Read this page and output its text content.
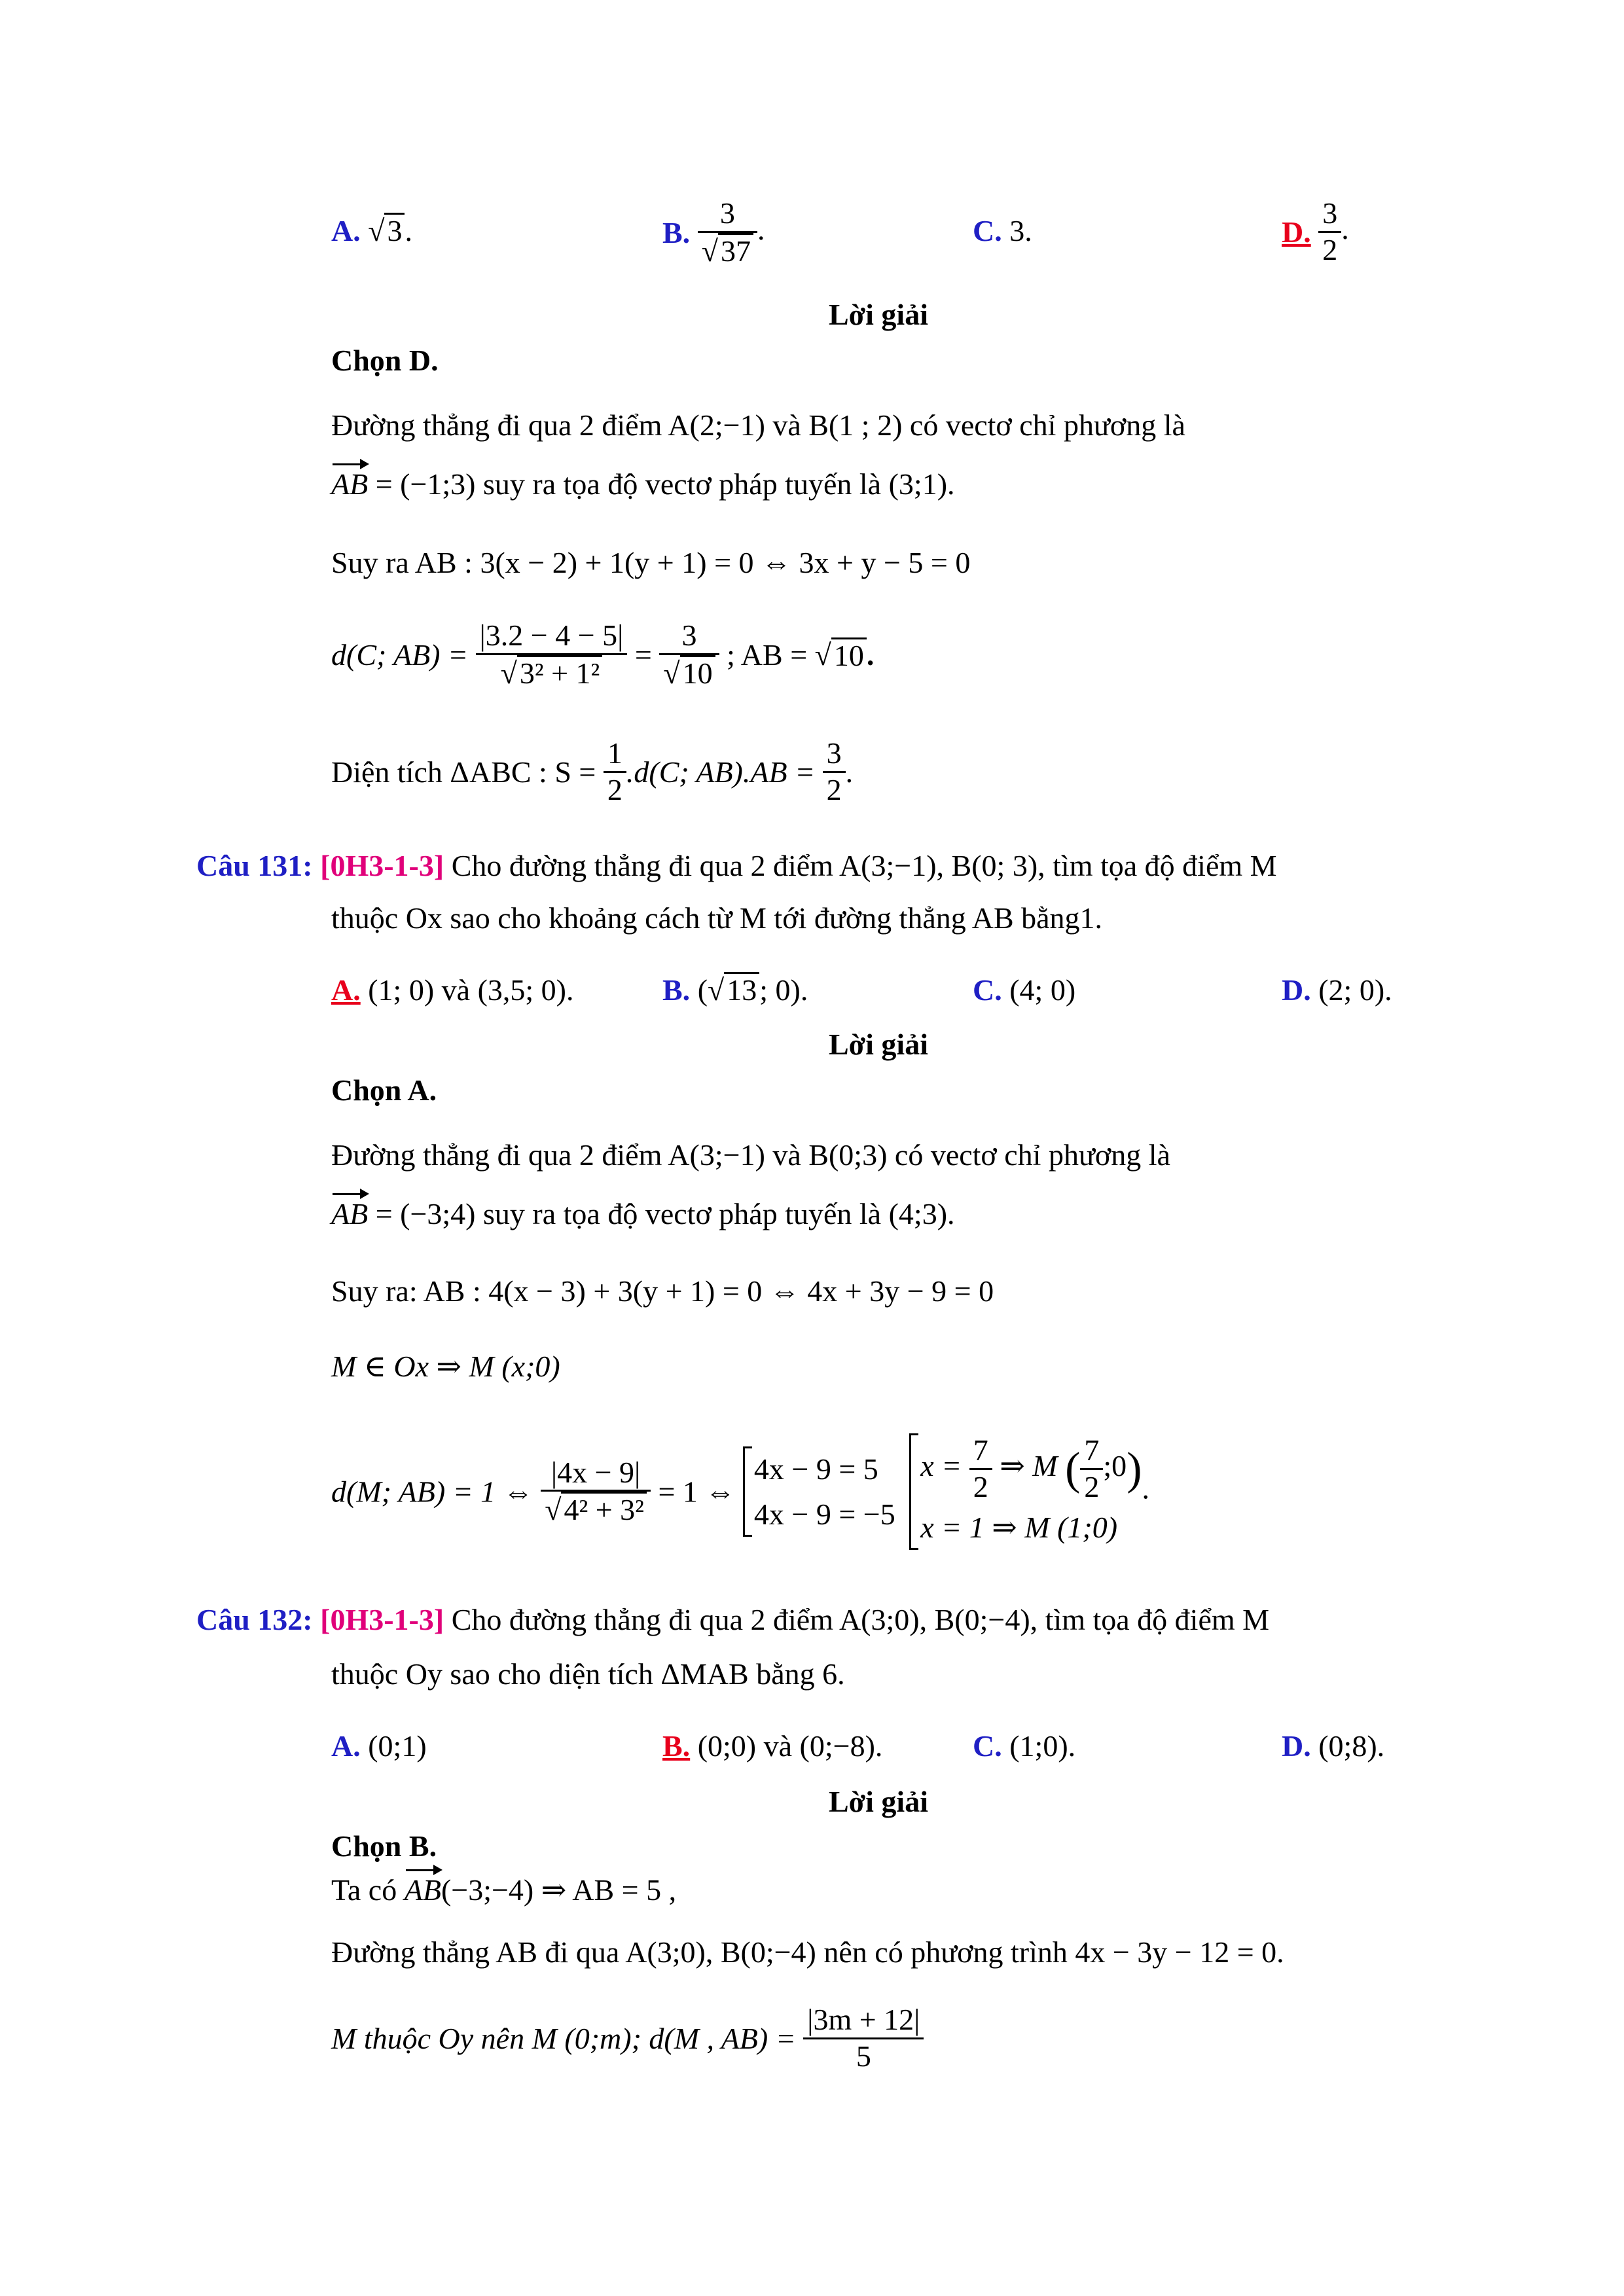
A. √3.	B. $\frac{3}{√37}$ .	C. 3.	D. $\frac{3}{2}$ .
Lời giải
Chọn D.
Đường thẳng đi qua 2 điểm A(2;−1) và B(1 ; 2) có vectơ chỉ phương là
AB = (−1;3) suy ra tọa độ vectơ pháp tuyến là (3;1).
Suy ra AB : 3(x − 2) + 1(y + 1) = 0 ⇔ 3x + y − 5 = 0
d(C; $AB) = \frac{|3.2 - 4 - 5|}{\text{√3² + 1²}} = \frac{3}{√10}$ ; AB = √10.
Diện tích ΔABC : $S = \frac{1}{2} .d(C$; $AB).AB = \frac{3}{2}$ .
Câu 131: [0H3-1-3] Cho đường thẳng đi qua 2 điểm A(3;−1), B(0; 3), tìm tọa độ điểm M
thuộc Ox sao cho khoảng cách từ M tới đường thẳng AB bằng1.
A. (1; 0) và (3,5; 0).	B. (√13; 0).	C. (4; 0)	D. (2; 0).
Lời giải
Chọn A.
Đường thẳng đi qua 2 điểm A(3;−1) và B(0;3) có vectơ chỉ phương là
AB = (−3;4) suy ra tọa độ vectơ pháp tuyến là (4;3).
Suy ra: AB : 4(x − 3) + 3(y + 1) = 0 ⇔ 4x + 3y − 9 = 0
M ∈ Ox ⇒ M (x;0)
d(M; AB) = 1 ⇔ $\frac{|4x - 9|}{\text{√4² + 3²}} = 1$ ⇔
4x − 9 = 5
4x − 9 = −5

$x = \frac{7}{2}$ ⇒ M ( $\frac{7}{2}$ ;0)
x = 1 ⇒ M (1;0)
.
Câu 132: [0H3-1-3] Cho đường thẳng đi qua 2 điểm A(3;0), B(0;−4), tìm tọa độ điểm M
thuộc Oy sao cho diện tích ΔMAB bằng 6.
A. (0;1)	B. (0;0) và (0;−8).	C. (1;0).	D. (0;8).
Lời giải
Chọn B.
Ta có AB(−3;−4) ⇒ AB = 5 ,
Đường thẳng AB đi qua A(3;0), B(0;−4) nên có phương trình 4x − 3y − 12 = 0.
M thuộc Oy nên M (0;m); d(M , $AB) = \frac{|3m + 12|}{5}$
